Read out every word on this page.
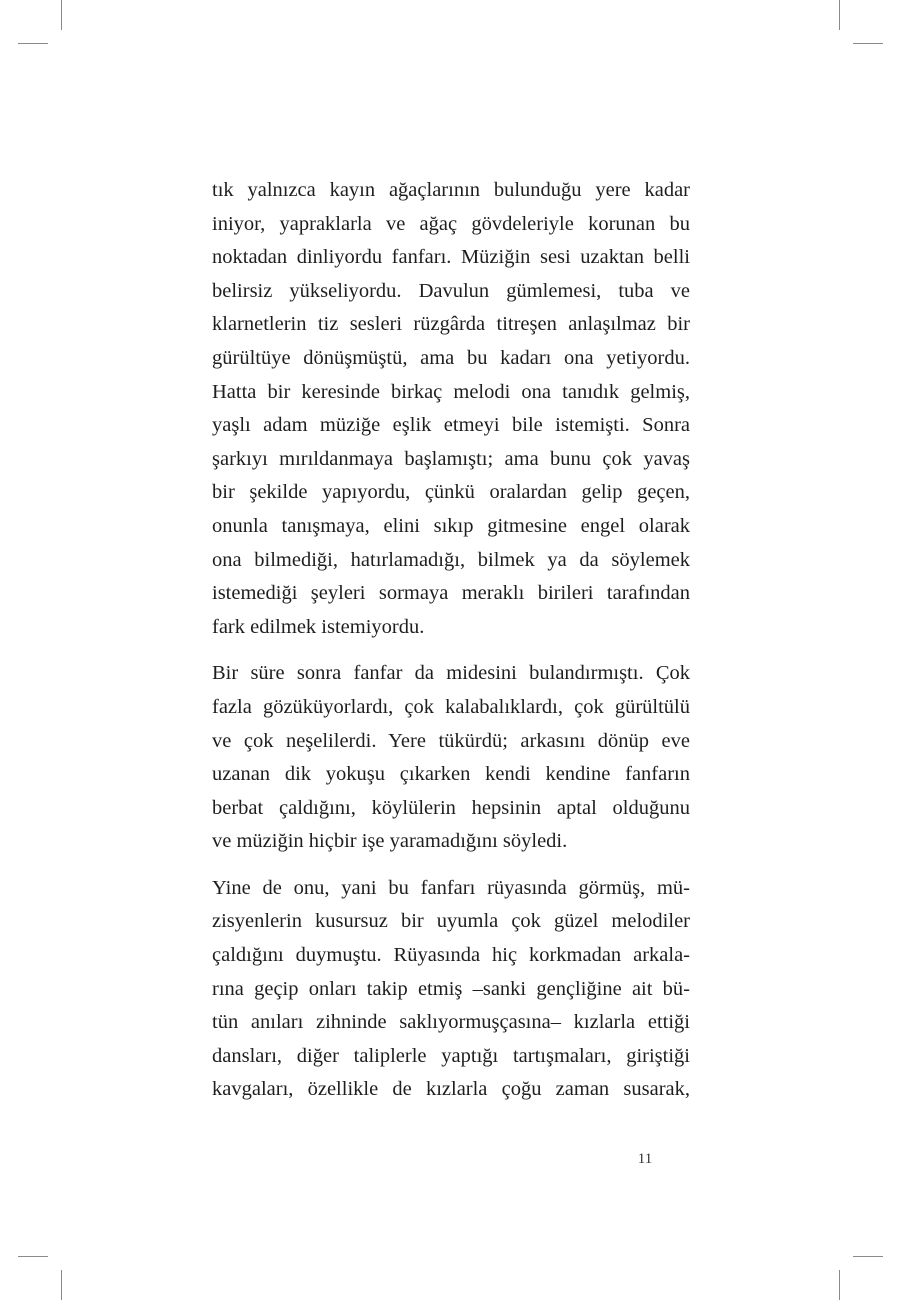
tık yalnızca kayın ağaçlarının bulunduğu yere kadar
iniyor, yapraklarla ve ağaç gövdeleriyle korunan bu
noktadan dinliyordu fanfarı. Müziğin sesi uzaktan belli
belirsiz yükseliyordu. Davulun gümlemesi, tuba ve
klarnetlerin tiz sesleri rüzgârda titreşen anlaşılmaz bir
gürültüye dönüşmüştü, ama bu kadarı ona yetiyordu.
Hatta bir keresinde birkaç melodi ona tanıdık gelmiş,
yaşlı adam müziğe eşlik etmeyi bile istemişti. Sonra
şarkıyı mırıldanmaya başlamıştı; ama bunu çok yavaş
bir şekilde yapıyordu, çünkü oralardan gelip geçen,
onunla tanışmaya, elini sıkıp gitmesine engel olarak
ona bilmediği, hatırlamadığı, bilmek ya da söylemek
istemediği şeyleri sormaya meraklı birileri tarafından
fark edilmek istemiyordu.

Bir süre sonra fanfar da midesini bulandırmıştı. Çok
fazla gözüküyorlardı, çok kalabalıklardı, çok gürültülü
ve çok neşelilerdi. Yere tükürdü; arkasını dönüp eve
uzanan dik yokuşu çıkarken kendi kendine fanfarın
berbat çaldığını, köylülerin hepsinin aptal olduğunu
ve müziğin hiçbir işe yaramadığını söyledi.

Yine de onu, yani bu fanfarı rüyasında görmüş, mü-
zisyenlerin kusursuz bir uyumla çok güzel melodiler
çaldığını duymuştu. Rüyasında hiç korkmadan arkala-
rına geçip onları takip etmiş –sanki gençliğine ait bü-
tün anıları zihninde saklıyormuşçasına– kızlarla ettiği
dansları, diğer taliplerle yaptığı tartışmaları, giriştiği
kavgaları, özellikle de kızlarla çoğu zaman susarak,

11
